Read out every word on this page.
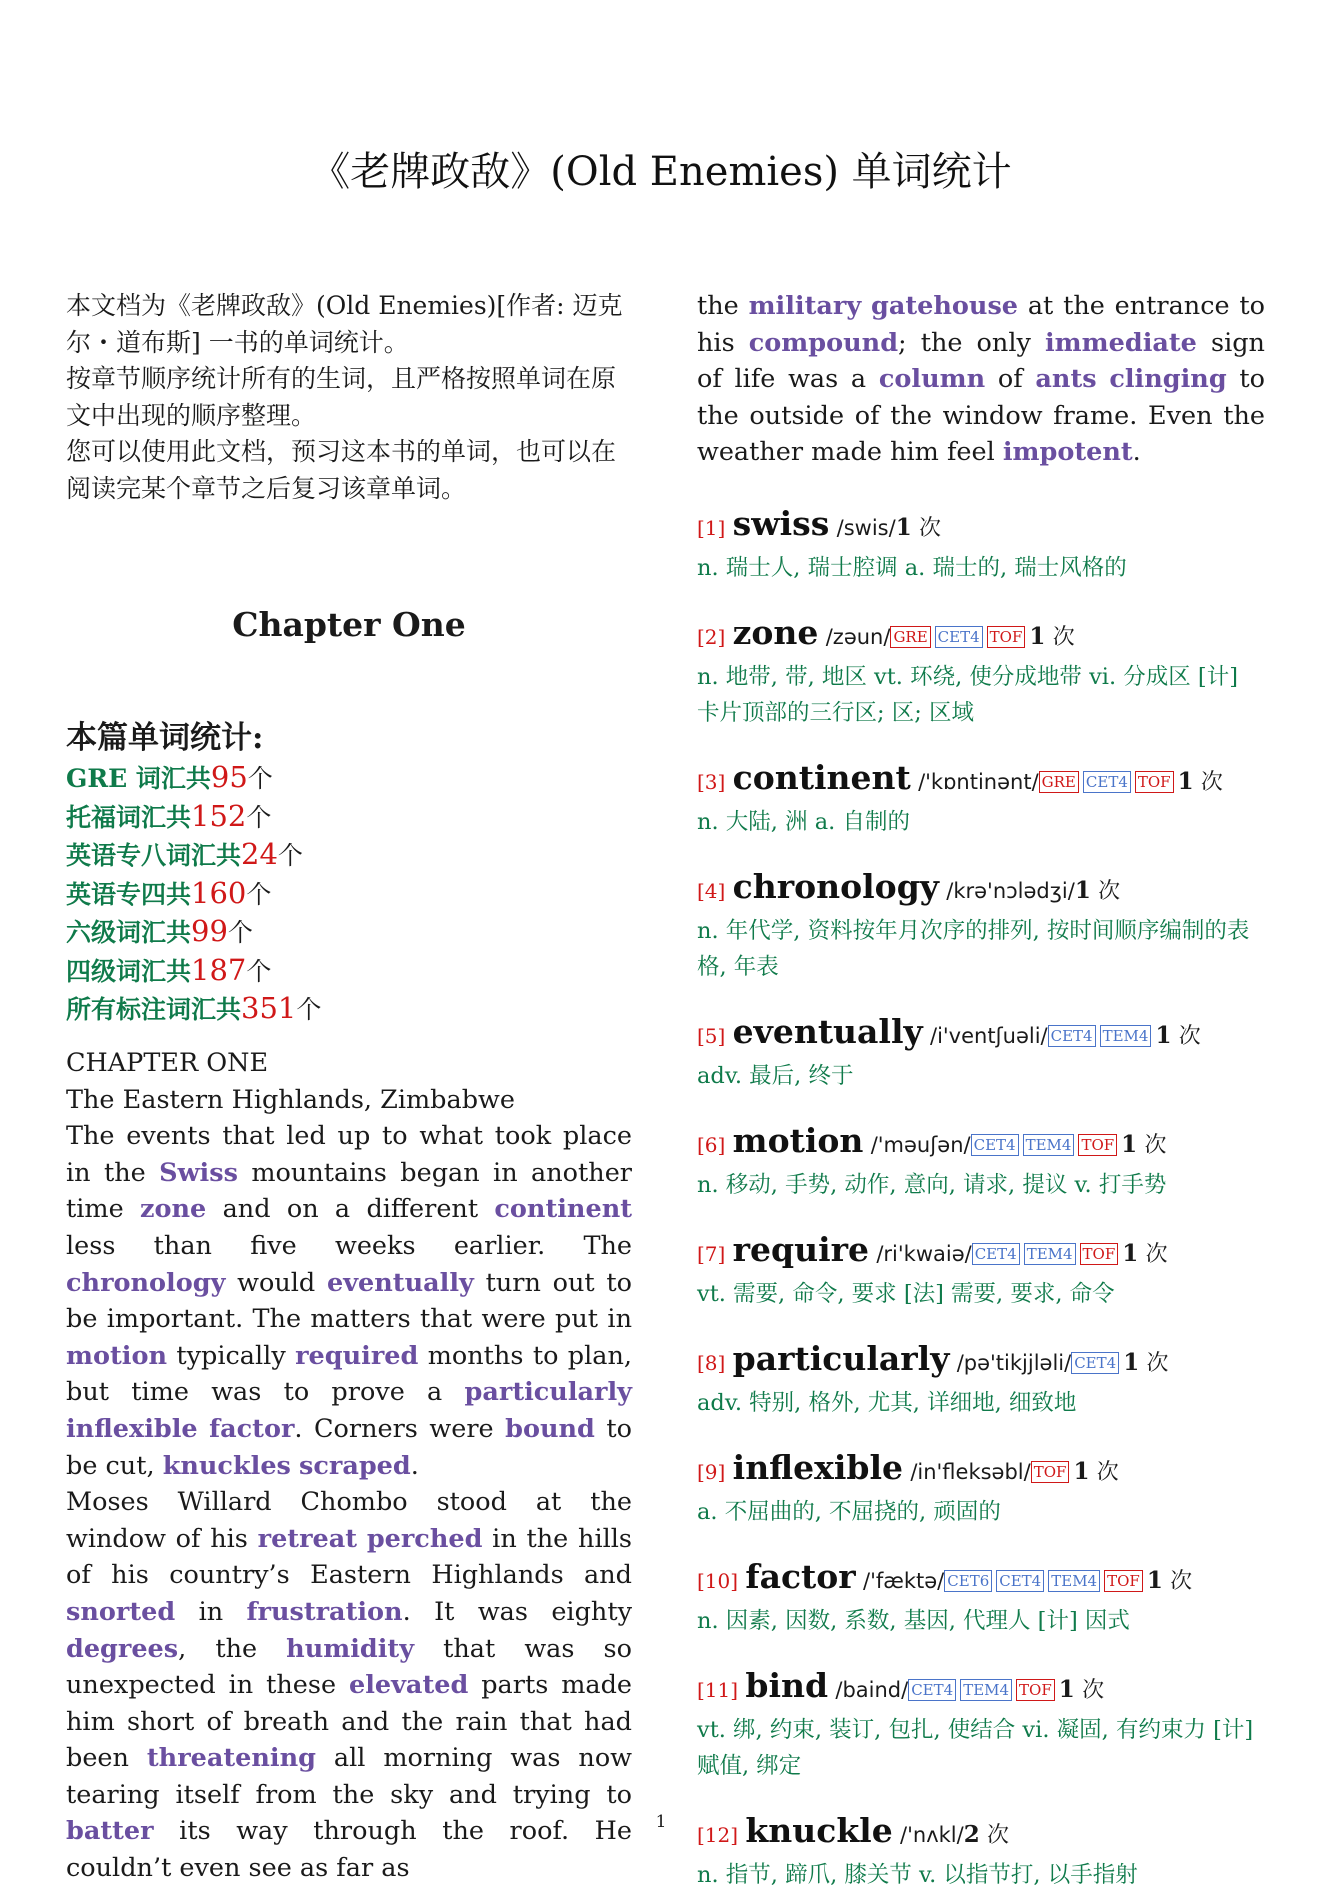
《老牌政敌》(Old Enemies) 单词统计
本文档为《老牌政敌》(Old Enemies)[作者: 迈克尔・道布斯] 一书的单词统计。
按章节顺序统计所有的生词，且严格按照单词在原文中出现的顺序整理。
您可以使用此文档，预习这本书的单词，也可以在阅读完某个章节之后复习该章单词。
Chapter One
本篇单词统计:
GRE 词汇共95个
托福词汇共152个
英语专八词汇共24个
英语专四共160个
六级词汇共99个
四级词汇共187个
所有标注词汇共351个

CHAPTER ONE

The Eastern Highlands, Zimbabwe

The events that led up to what took place in the Swiss mountains began in another time zone and on a different continent less than five weeks earlier. The chronology would eventually turn out to be important. The matters that were put in motion typically required months to plan, but time was to prove a particularly inflexible factor. Corners were bound to be cut, knuckles scraped.

Moses Willard Chombo stood at the window of his retreat perched in the hills of his country’s Eastern Highlands and snorted in frustration. It was eighty degrees, the humidity that was so unexpected in these elevated parts made him short of breath and the rain that had been threatening all morning was now tearing itself from the sky and trying to batter its way through the roof. He couldn’t even see as far as

the military gatehouse at the entrance to his compound; the only immediate sign of life was a column of ants clinging to the outside of the window frame. Even the weather made him feel impotent.
[1] swiss /swis/1 次
n. 瑞士人, 瑞士腔调 a. 瑞士的, 瑞士风格的
[2] zone /zəun/ GRE CET4 TOF 1 次
n. 地带, 带, 地区 vt. 环绕, 使分成地带 vi. 分成区 [计] 卡片顶部的三行区; 区; 区域
[3] continent /'kɒntinənt/ GRE CET4 TOF 1 次
n. 大陆, 洲 a. 自制的
[4] chronology /krə'nɔlədʒi/1 次
n. 年代学, 资料按年月次序的排列, 按时间顺序编制的表格, 年表
[5] eventually /i'ventʃuəli/ CET4 TEM4 1 次
adv. 最后, 终于
[6] motion /'məuʃən/ CET4 TEM4 TOF 1 次
n. 移动, 手势, 动作, 意向, 请求, 提议 v. 打手势
[7] require /ri'kwaiə/ CET4 TEM4 TOF 1 次
vt. 需要, 命令, 要求 [法] 需要, 要求, 命令
[8] particularly /pə'tikjjləli/ CET4 1 次
adv. 特别, 格外, 尤其, 详细地, 细致地
[9] inflexible /in'fleksəbl/ TOF 1 次
a. 不屈曲的, 不屈挠的, 顽固的
[10] factor /'fæktə/ CET6 CET4 TEM4 TOF 1 次
n. 因素, 因数, 系数, 基因, 代理人 [计] 因式
[11] bind /baind/ CET4 TEM4 TOF 1 次
vt. 绑, 约束, 装订, 包扎, 使结合 vi. 凝固, 有约束力 [计] 赋值, 绑定
[12] knuckle /'nʌkl/2 次
n. 指节, 蹄爪, 膝关节 v. 以指节打, 以手指射
1
